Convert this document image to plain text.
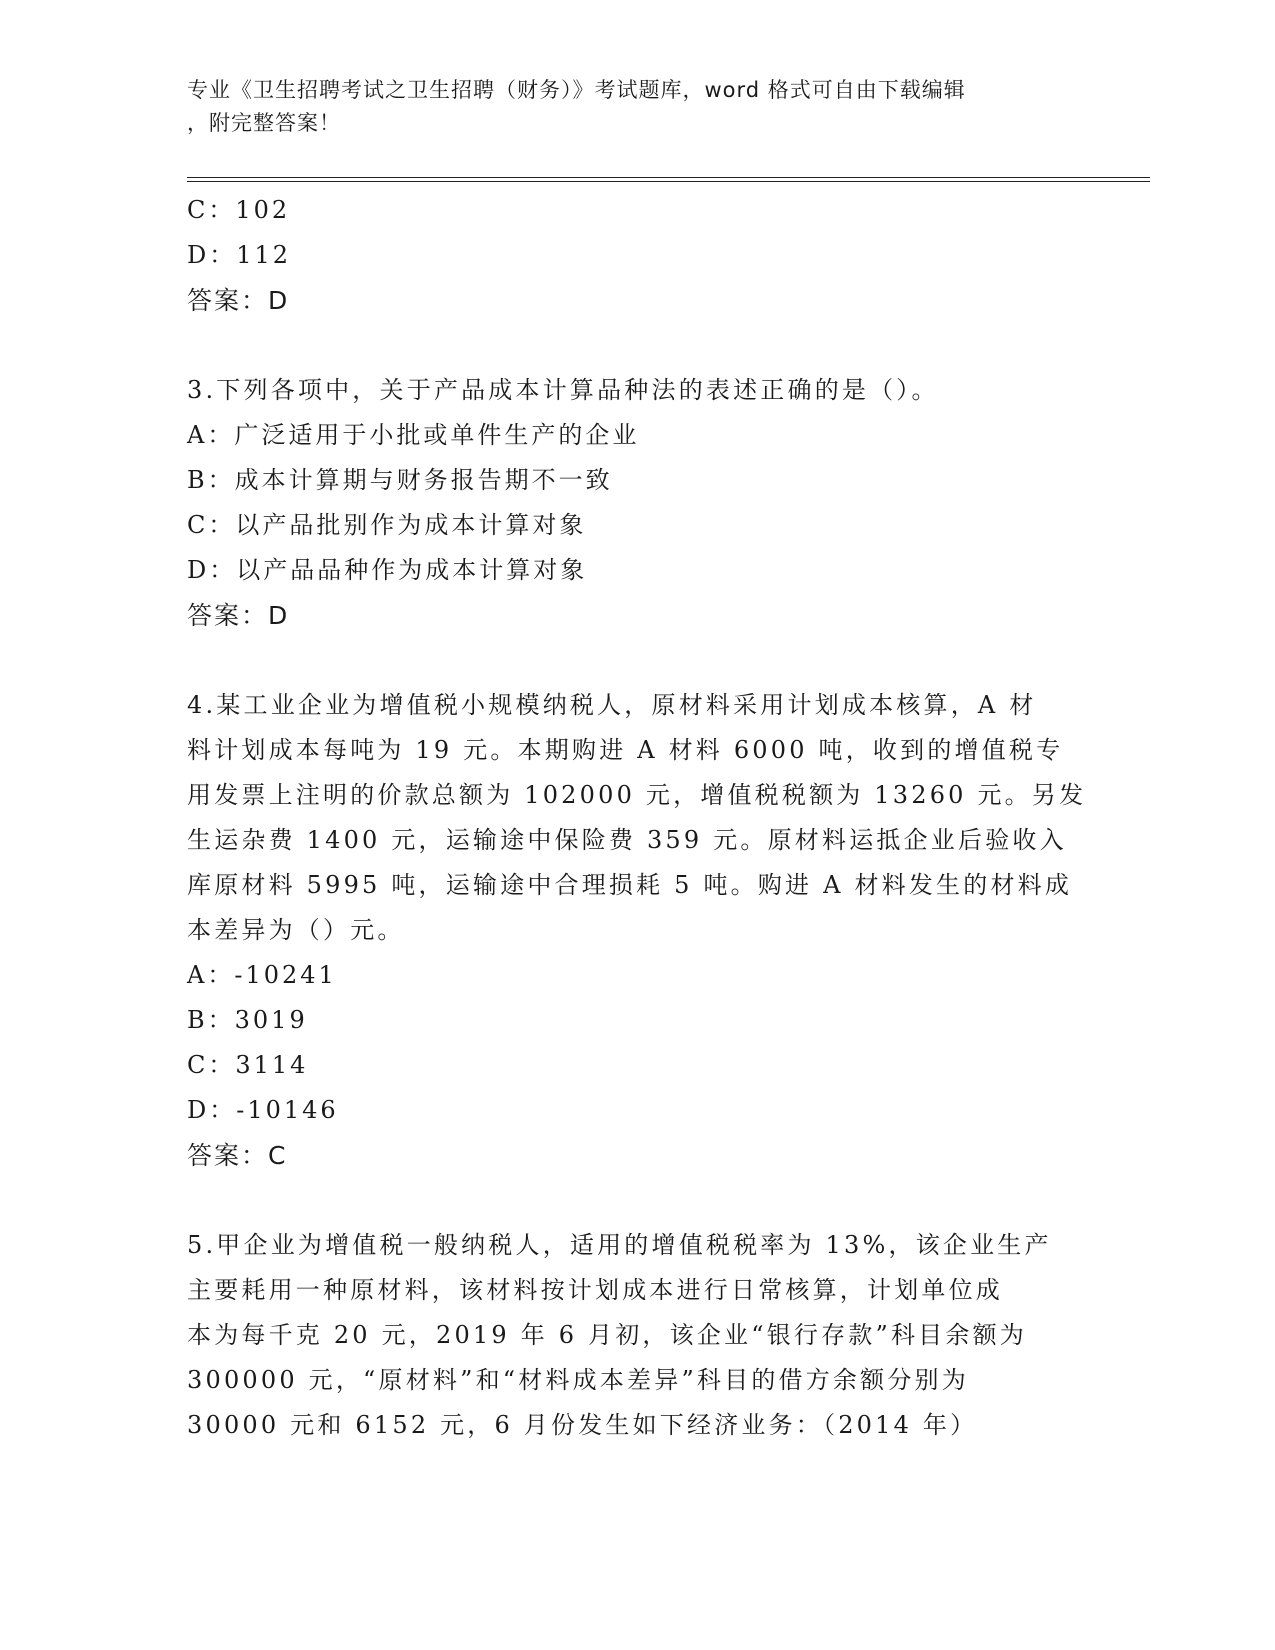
专业《卫生招聘考试之卫生招聘（财务）》考试题库，word 格式可自由下载编辑
，附完整答案！
C：102
D：112
答案：D
3.下列各项中，关于产品成本计算品种法的表述正确的是（）。
A：广泛适用于小批或单件生产的企业
B：成本计算期与财务报告期不一致
C：以产品批别作为成本计算对象
D：以产品品种作为成本计算对象
答案：D
4.某工业企业为增值税小规模纳税人，原材料采用计划成本核算，A 材
料计划成本每吨为 19 元。本期购进 A 材料 6000 吨，收到的增值税专
用发票上注明的价款总额为 102000 元，增值税税额为 13260 元。另发
生运杂费 1400 元，运输途中保险费 359 元。原材料运抵企业后验收入
库原材料 5995 吨，运输途中合理损耗 5 吨。购进 A 材料发生的材料成
本差异为（）元。
A：-10241
B：3019
C：3114
D：-10146
答案：C
5.甲企业为增值税一般纳税人，适用的增值税税率为 13%，该企业生产
主要耗用一种原材料，该材料按计划成本进行日常核算，计划单位成
本为每千克 20 元，2019 年 6 月初，该企业“银行存款”科目余额为
300000 元，“原材料”和“材料成本差异”科目的借方余额分别为
30000 元和 6152 元，6 月份发生如下经济业务：（2014 年）
